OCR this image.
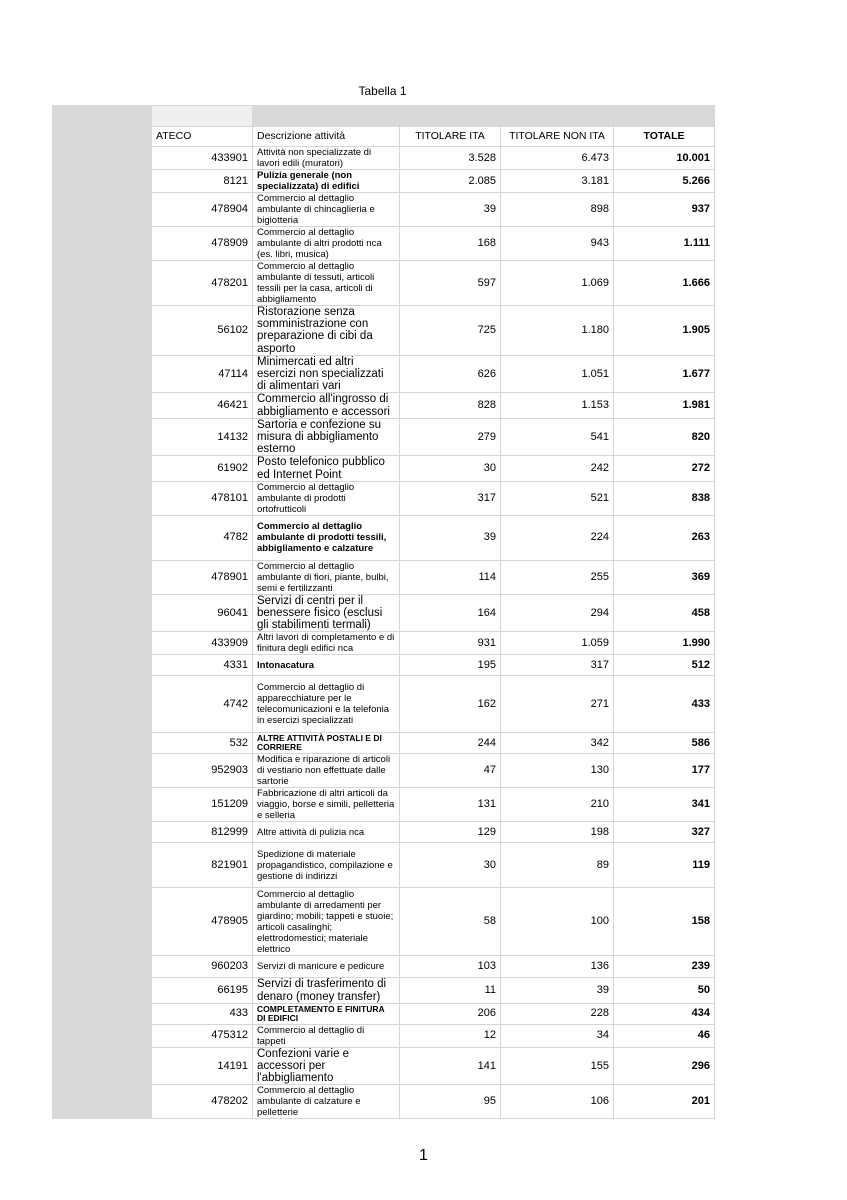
Tabella 1

	ATECO	Descrizione attività	TITOLARE ITA	TITOLARE NON ITA	TOTALE
	433901	Attività non specializzate di lavori edili (muratori)	3.528	6.473	10.001
	8121	Pulizia generale (non specializzata) di edifici	2.085	3.181	5.266
	478904	Commercio al dettaglio ambulante di chincaglieria e bigiotteria	39	898	937
	478909	Commercio al dettaglio ambulante di altri prodotti nca (es. libri, musica)	168	943	1.111
	478201	Commercio al dettaglio ambulante di tessuti, articoli tessili per la casa, articoli di abbigliamento	597	1.069	1.666
	56102	Ristorazione senza somministrazione con preparazione di cibi da asporto	725	1.180	1.905
	47114	Minimercati ed altri esercizi non specializzati di alimentari vari	626	1.051	1.677
	46421	Commercio all'ingrosso di abbigliamento e accessori	828	1.153	1.981
	14132	Sartoria e confezione su misura di abbigliamento esterno	279	541	820
	61902	Posto telefonico pubblico ed Internet Point	30	242	272
	478101	Commercio al dettaglio ambulante di prodotti ortofrutticoli	317	521	838
	4782	Commercio al dettaglio ambulante di prodotti tessili, abbigliamento e calzature	39	224	263
	478901	Commercio al dettaglio ambulante di fiori, piante, bulbi, semi e fertilizzanti	114	255	369
	96041	Servizi di centri per il benessere fisico (esclusi gli stabilimenti termali)	164	294	458
	433909	Altri lavori di completamento e di finitura degli edifici nca	931	1.059	1.990
	4331	Intonacatura	195	317	512
	4742	Commercio al dettaglio di apparecchiature per le telecomunicazioni e la telefonia in esercizi specializzati	162	271	433
	532	ALTRE ATTIVITÀ POSTALI E DI CORRIERE	244	342	586
	952903	Modifica e riparazione di articoli di vestiario non effettuate dalle sartorie	47	130	177
	151209	Fabbricazione di altri articoli da viaggio, borse e simili, pelletteria e selleria	131	210	341
	812999	Altre attività di pulizia nca	129	198	327
	821901	Spedizione di materiale propagandistico, compilazione e gestione di indirizzi	30	89	119
	478905	Commercio al dettaglio ambulante di arredamenti per giardino; mobili; tappeti e stuoie; articoli casalinghi; elettrodomestici; materiale elettrico	58	100	158
	960203	Servizi di manicure e pedicure	103	136	239
	66195	Servizi di trasferimento di denaro (money transfer)	11	39	50
	433	COMPLETAMENTO E FINITURA DI EDIFICI	206	228	434
	475312	Commercio al dettaglio di tappeti	12	34	46
	14191	Confezioni varie e accessori per l'abbigliamento	141	155	296
	478202	Commercio al dettaglio ambulante di calzature e pelletterie	95	106	201
1
